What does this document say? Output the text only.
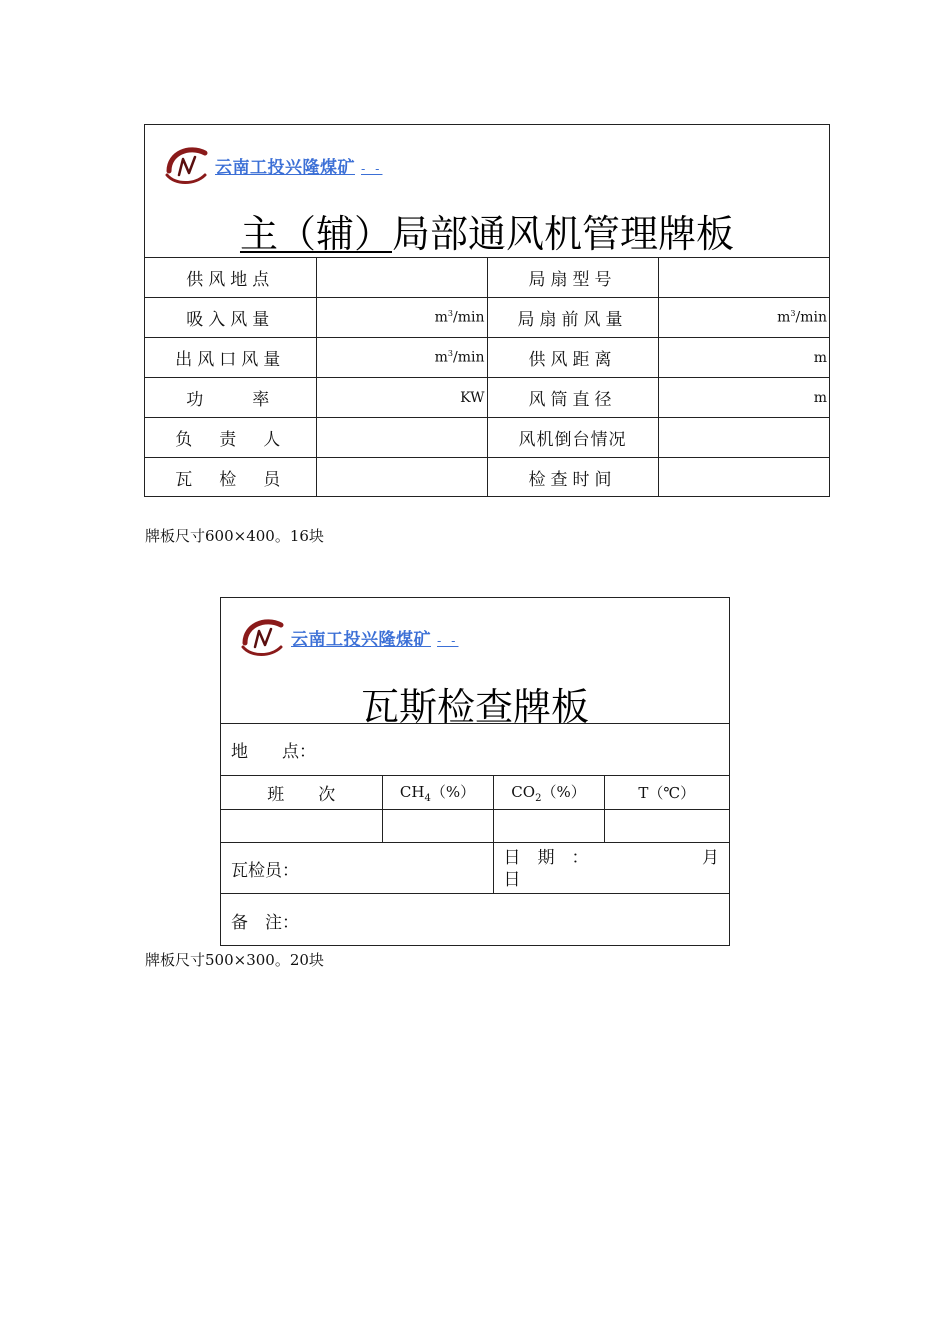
云南工投兴隆煤矿 - -
主（辅）局部通风机管理牌板
供风地点		局扇型号	
吸入风量	$m^3/\min$	局扇前风量	$m^3/\min$
出风口风量	$m^3/\min$	供风距离	m
功　　率	KW	风筒直径	m
负　责　人		风机倒台情况	
瓦　检　员		检查时间	
牌板尺寸600×400。16块
云南工投兴隆煤矿 - -
瓦斯检查牌板
地　　点：			
班　　次	$CH_4(\%)$	$CO_2(\%)$	T（℃）

瓦检员：		日　期　： 月
日	

备　注：			
牌板尺寸500×300。20块
